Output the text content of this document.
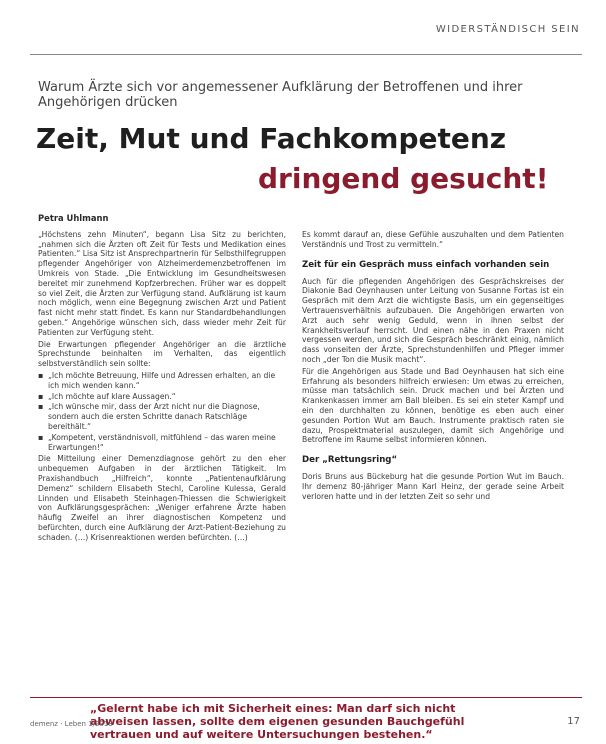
WIDERSTÄNDISCH SEIN
Warum Ärzte sich vor angemessener Aufklärung der Betroffenen und ihrer Angehörigen drücken
Zeit, Mut und Fachkompetenz
dringend gesucht!
Petra Uhlmann

„Höchstens zehn Minuten“, begann Lisa Sitz zu berichten, „nahmen sich die Ärzten oft Zeit für Tests und Medikation eines Patienten.“ Lisa Sitz ist Ansprechpartnerin für Selbsthilfegruppen pflegender Angehöriger von Alzheimerdemenzbetroffenen im Umkreis von Stade. „Die Entwicklung im Gesundheitswesen bereitet mir zunehmend Kopfzerbrechen. Früher war es doppelt so viel Zeit, die Ärzten zur Verfügung stand. Aufklärung ist kaum noch möglich, wenn eine Begegnung zwischen Arzt und Patient fast nicht mehr statt findet. Es kann nur Standardbehandlungen geben.“ Angehörige wünschen sich, dass wieder mehr Zeit für Patienten zur Verfügung steht.

Die Erwartungen pflegender Angehöriger an die ärztliche Sprechstunde beinhalten im Verhalten, das eigentlich selbstverständlich sein sollte:

▪ „Ich möchte Betreuung, Hilfe und Adressen erhalten, an die ich mich wenden kann.“
▪ „Ich möchte auf klare Aussagen.“
▪ „Ich wünsche mir, dass der Arzt nicht nur die Diagnose, sondern auch die ersten Schritte danach Ratschläge bereithält.“
▪ „Kompetent, verständnisvoll, mitfühlend – das waren meine Erwartungen!“

Die Mitteilung einer Demenzdiagnose gehört zu den eher unbequemen Aufgaben in der ärztlichen Tätigkeit. Im Praxishandbuch „Hilfreich“, konnte „Patientenaufklärung Demenz“ schildern Elisabeth Stechl, Caroline Kulessa, Gerald Linnden und Elisabeth Steinhagen-Thiessen die Schwierigkeit von Aufklärungsgesprächen: „Weniger erfahrene Ärzte haben häufig Zweifel an ihrer diagnostischen Kompetenz und befürchten, durch eine Aufklärung der Arzt-Patient-Beziehung zu schaden. (…) Krisenreaktionen werden befürchten. (…)

Es kommt darauf an, diese Gefühle auszuhalten und dem Patienten Verständnis und Trost zu vermitteln.“

Zeit für ein Gespräch muss einfach vorhanden sein

Auch für die pflegenden Angehörigen des Gesprächskreises der Diakonie Bad Oeynhausen unter Leitung von Susanne Fortas ist ein Gespräch mit dem Arzt die wichtigste Basis, um ein gegenseitiges Vertrauensverhältnis aufzubauen. Die Angehörigen erwarten von Arzt auch sehr wenig Geduld, wenn in ihnen selbst der Krankheitsverlauf herrscht. Und einen nähe in den Praxen nicht vergessen werden, und sich die Gespräch beschränkt einig, nämlich dass vonseiten der Ärzte, Sprechstundenhilfen und Pfleger immer noch „der Ton die Musik macht“.

Für die Angehörigen aus Stade und Bad Oeynhausen hat sich eine Erfahrung als besonders hilfreich erwiesen: Um etwas zu erreichen, müsse man tatsächlich sein. Druck machen und bei Ärzten und Krankenkassen immer am Ball bleiben. Es sei ein steter Kampf und ein den durchhalten zu können, benötige es eben auch einer gesunden Portion Wut am Bauch. Instrumente praktisch raten sie dazu, Prospektmaterial auszulegen, damit sich Angehörige und Betroffene im Raume selbst informieren können.

Der „Rettungsring“

Doris Bruns aus Bückeburg hat die gesunde Portion Wut im Bauch. Ihr demenz 80-jähriger Mann Karl Heinz, der gerade seine Arbeit verloren hatte und in der letzten Zeit so sehr und

„Gelernt habe ich mit Sicherheit eines: Man darf sich nicht abweisen lassen, sollte dem eigenen gesunden Bauchgefühl vertrauen und auf weitere Untersuchungen bestehen.“
demenz · Leben 1/2013	17
